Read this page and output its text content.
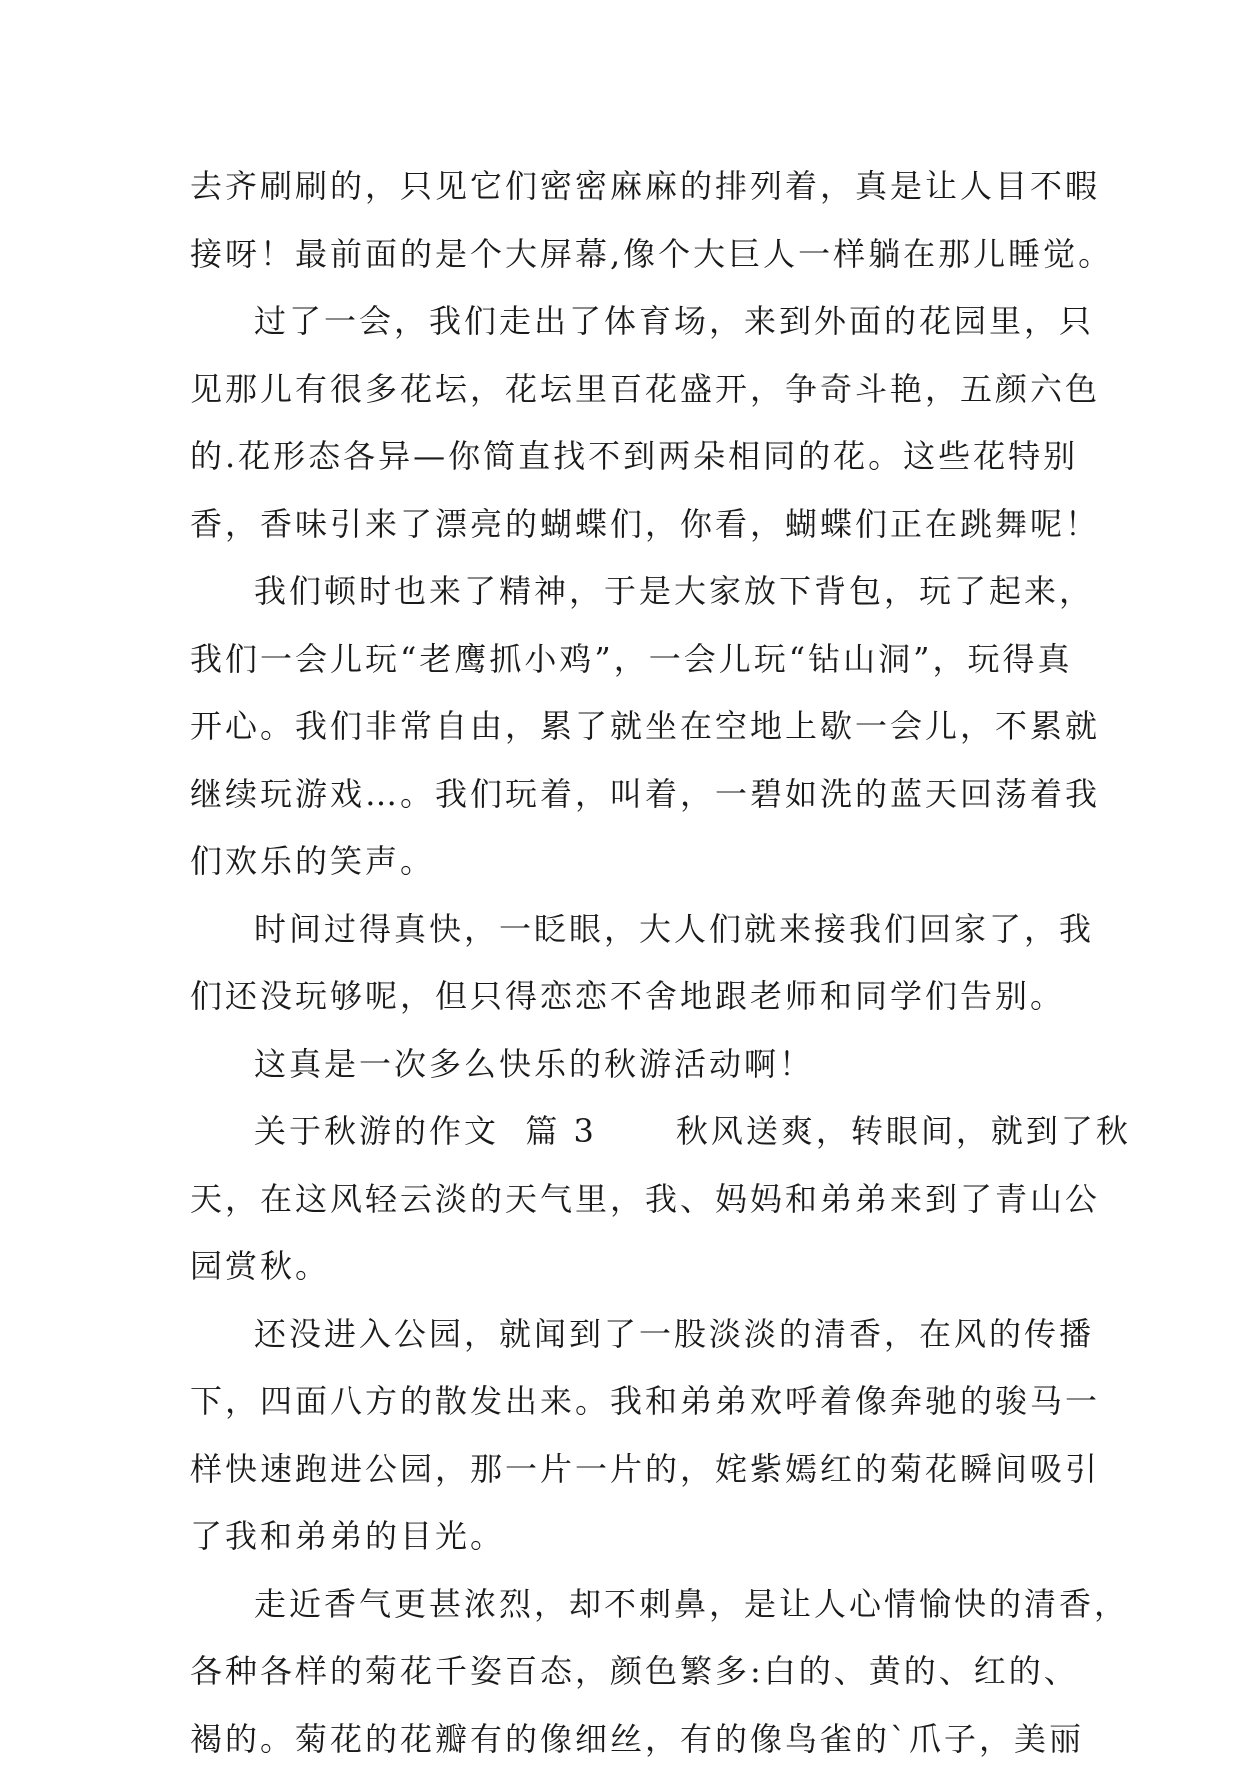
去齐刷刷的，只见它们密密麻麻的排列着，真是让人目不暇
接呀！最前面的是个大屏幕,像个大巨人一样躺在那儿睡觉。
过了一会，我们走出了体育场，来到外面的花园里，只
见那儿有很多花坛，花坛里百花盛开，争奇斗艳，五颜六色
的.花形态各异—你简直找不到两朵相同的花。这些花特别
香，香味引来了漂亮的蝴蝶们，你看，蝴蝶们正在跳舞呢！
我们顿时也来了精神，于是大家放下背包，玩了起来，
我们一会儿玩“老鹰抓小鸡”，一会儿玩“钻山洞”，玩得真
开心。我们非常自由，累了就坐在空地上歇一会儿，不累就
继续玩游戏…。我们玩着，叫着，一碧如洗的蓝天回荡着我
们欢乐的笑声。
时间过得真快，一眨眼，大人们就来接我们回家了，我
们还没玩够呢，但只得恋恋不舍地跟老师和同学们告别。
这真是一次多么快乐的秋游活动啊！
关于秋游的作文  篇 3      秋风送爽，转眼间，就到了秋
天，在这风轻云淡的天气里，我、妈妈和弟弟来到了青山公
园赏秋。
还没进入公园，就闻到了一股淡淡的清香，在风的传播
下，四面八方的散发出来。我和弟弟欢呼着像奔驰的骏马一
样快速跑进公园，那一片一片的，姹紫嫣红的菊花瞬间吸引
了我和弟弟的目光。
走近香气更甚浓烈，却不刺鼻，是让人心情愉快的清香，
各种各样的菊花千姿百态，颜色繁多:白的、黄的、红的、
褐的。菊花的花瓣有的像细丝，有的像鸟雀的`爪子，美丽
